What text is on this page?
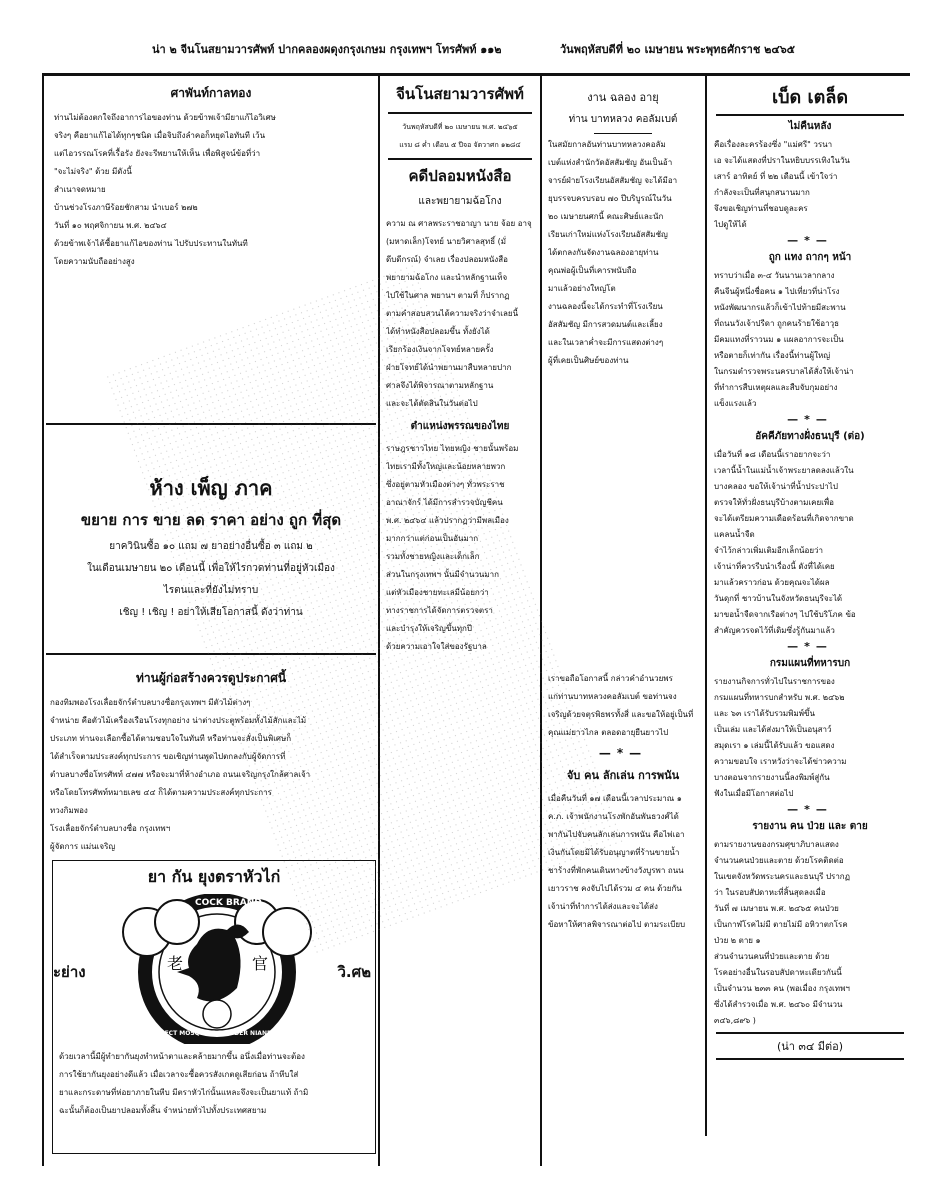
น่า ๒ จีนโนสยามวารศัพท์ ปากคลองผดุงกรุงเกษม กรุงเทพฯ โทรศัพท์ ๑๑๒	วันพฤหัสบดีที่ ๒๐ เมษายน พระพุทธศักราช ๒๔๖๕
ศาพันท์กาลทอง

ท่านไม่ต้องตกใจถึงอาการไอของท่าน ด้วยข้าพเจ้ามียาแก้ไอวิเศษ

จริงๆ คือยาแก้ไอได้ทุกๆชนิด เมื่อจิบถึงลำคอก็หยุดไอทันที เว้น

แต่ไอวรรณโรคที่เรื้อรัง ยังจะรีพยานให้เห็น เพื่อพิสูจน์ข้อที่ว่า

"จะไม่จริง" ด้วย มีดังนี้

สำเนาจดหมาย

บ้านช่วงโรงภาษีร้อยชักสาม นำเบอร์ ๒๗๒

วันที่ ๑๐ พฤศจิกายน พ.ศ. ๒๔๖๔

ด้วยข้าพเจ้าได้ซื้อยาแก้ไอของท่าน ไปรับประทานในทันที

โดยความนับถืออย่างสูง

ห้าง เพ็ญ ภาค
ขยาย การ ขาย ลด ราคา อย่าง ถูก ที่สุด

ยาควินินซื้อ ๑๐ แถม ๗ ยาอย่างอื่นซื้อ ๓ แถม ๒

ในเดือนเมษายน ๒๐ เดือนนี้ เพื่อให้ไรกวดท่านที่อยู่หัวเมือง

ไรตนและที่ยังไม่ทราบ

เชิญ ! เชิญ ! อย่าให้เสียโอกาสนี้ ดังว่าท่าน

ท่านผู้ก่อสร้างควรดูประกาศนี้

กองทิมพองโรงเลื่อยจักร์ตำบลบางซื่อกรุงเทพฯ มีตัวไม้ต่างๆ

จำหน่าย คือตัวไม้เครื่องเรือนโรงทุกอย่าง น่าต่างประตูพร้อมทั้งไม้สักและไม้

ประเภท ท่านจะเลือกซื้อได้ตามชอบใจในทันที หรือท่านจะสั่งเป็นพิเศษก็

ได้สำเร็จตามประสงค์ทุกประการ ขอเชิญท่านพูดไปตกลงกับผู้จัดการที่

ตำบลบางซื่อโทรศัพท์ ๔๗๗ หรือจะมาที่ห้างอำเภอ ถนนเจริญกรุงใกล้ศาลเจ้า

หรือโดยโทรศัพท์หมายเลข ๔๔ ก็ได้ตามความประสงค์ทุกประการ

ทวงกิมพอง

โรงเลื่อยจักร์ตำบลบางซื่อ กรุงเทพฯ

ผู้จัดการ แม่นเจริญ

ยา กัน ยุงตราหัวไก่
老	官
COCK BRAND
INSECT MOSQUITO POWDER NIANDEK
ะย่าง	วิ.ศ๒

ด้วยเวลานี้มีผู้ทำยากันยุงทำหน้าตาและคล้ายมากขึ้น อนึ่งเมื่อท่านจะต้อง

การใช้ยากันยุงอย่างดีแล้ว เมื่อเวลาจะซื้อควรสังเกตดูเสียก่อน ถ้าหีบใส่

ยาและกระดาษที่ห่อยาภายในหีบ มีตราหัวไก่นั้นแหละจึงจะเป็นยาแท้ ถ้ามิ

ฉะนั้นก็ต้องเป็นยาปลอมทั้งสิ้น จำหน่ายทั่วไปทั้งประเทศสยาม

จีนโนสยามวารศัพท์

วันพฤหัสบดีที่ ๒๐ เมษายน พ.ศ. ๒๔๖๕

แรม ๘ ค่ำ เดือน ๕ ปีจอ จัตวาศก ๑๒๘๔

คดีปลอมหนังสือ
และพยายามฉ้อโกง

ความ ณ ศาลพระราชอาญา นาย จ้อย อาจุ

(มหาดเล็ก)โจทย์ นายวิศาลสุทธิ์ (มั่

ดีบดีกรณ์) จำเลย เรื่องปลอมหนังสือ

พยายามฉ้อโกง และนำหลักฐานเท็จ

ไปใช้ในศาล พยานฯ ตามที่ ก็ปรากฏ

ตามคำสอบสวนได้ความจริงว่าจำเลยนี้

ได้ทำหนังสือปลอมขึ้น ทั้งยังได้

เรียกร้องเงินจากโจทย์หลายครั้ง

ฝ่ายโจทย์ได้นำพยานมาสืบหลายปาก

ศาลจึงได้พิจารณาตามหลักฐาน

และจะได้ตัดสินในวันต่อไป

ตำแหน่งพรรณของไทย

ราษฎรชาวไทย ไทยหญิง ชายนั้นพร้อม

ไทยเรามีทั้งใหญ่และน้อยหลายพวก

ซึ่งอยู่ตามหัวเมืองต่างๆ ทั่วพระราช

อาณาจักร์ ได้มีการสำรวจบัญชีคน

พ.ศ. ๒๔๖๔ แล้วปรากฏว่ามีพลเมือง

มากกว่าแต่ก่อนเป็นอันมาก

รวมทั้งชายหญิงและเด็กเล็ก

ส่วนในกรุงเทพฯ นั้นมีจำนวนมาก

แต่หัวเมืองชายทะเลมีน้อยกว่า

ทางราชการได้จัดการตรวจตรา

และบำรุงให้เจริญขึ้นทุกปี

ด้วยความเอาใจใส่ของรัฐบาล

งาน ฉลอง อายุ
ท่าน บาทหลวง คอลัมเบต์

ในสมัยกาลอันท่านบาทหลวงคอลัม

เบต์แห่งสำนักวัดอัสสัมชัญ อันเป็นอ้า

จารย์ฝ่ายโรงเรียนอัสสัมชัญ จะได้มีอา

ยุบรรจบครบรอบ ๗๐ ปีบริบูรณ์ในวัน

๒๐ เมษายนศกนี้ คณะศิษย์และนัก

เรียนเก่าใหม่แห่งโรงเรียนอัสสัมชัญ

ได้ตกลงกันจัดงานฉลองอายุท่าน

คุณพ่อผู้เป็นที่เคารพนับถือ

มาแล้วอย่างใหญ่โต

งานฉลองนี้จะได้กระทำที่โรงเรียน

อัสสัมชัญ มีการสวดมนต์และเลี้ยง

และในเวลาค่ำจะมีการแสดงต่างๆ

ผู้ที่เคยเป็นศิษย์ของท่าน

เราขอถือโอกาสนี้ กล่าวคำอำนวยพร

แก่ท่านบาทหลวงคอลัมเบต์ ขอท่านจง

เจริญด้วยจตุรพิธพรทั้งสี่ และขอให้อยู่เป็นที่

คุณแม่ยาวไกล ตลอดอายุยืนยาวไป

—*—
จับ คน ลักเล่น การพนัน

เมื่อคืนวันที่ ๑๗ เดือนนี้เวลาประมาณ ๑

ค.ภ. เจ้าพนักงานโรงพักอันพันธวงศ์ได้

พากันไปจับคนลักเล่นการพนัน คือไพ่เอา

เงินกันโดยมิได้รับอนุญาตที่ร้านขายน้ำ

ชาร้างที่พักคนเดินทางข้างวังบูรพา ถนน

เยาวราช คงจับไปได้รวม ๔ คน ด้วยกัน

เจ้าน่าที่ทำการได้ส่งและจะได้ส่ง

ข้อหาให้ศาลพิจารณาต่อไป ตามระเบียบ

เบ็ด เตล็ด
ไม่คืนหลัง

คือเรื่องละครร้องซึ่ง "แม่ศรี" วรนา

เอ จะได้แสดงที่ปราในหยิบบรรเทิงในวัน

เสาร์ อาทิตย์ ที่ ๒๒ เดือนนี้ เข้าใจว่า

กำลังจะเป็นที่สนุกสนานมาก

จึงขอเชิญท่านที่ชอบดูละคร

ไปดูให้ได้

—*—
ถูก แทง ถากๆ หน้า

ทราบว่าเมื่อ ๓-๔ วันนานเวลากลาง

คืนจีนผู้หนึ่งชื่อคน ๑ ไปเที่ยวที่น่าโรง

หนังพัฒนากรแล้วก็เข้าไปท้ายมีสะพาน

ที่ถนนวังเจ้าปรีดา ถูกคนร้ายใช้อาวุธ

มีคมแทงที่ราวนม ๑ แผลอาการจะเป็น

หรือตายก็เท่ากัน เรื่องนี้ท่านผู้ใหญ่

ในกรมตำรวจพระนครบาลได้สั่งให้เจ้าน่า

ที่ทำการสืบเหตุผลและสืบจับกุมอย่าง

แข็งแรงแล้ว

—*—
อัคคีภัยทางฝั่งธนบุรี (ต่อ)

เมื่อวันที่ ๑๘ เดือนนี้เราอยากจะว่า

เวลานี้น้ำในแม่น้ำเจ้าพระยาลดลงแล้วใน

บางคลอง ขอให้เจ้าน่าที่น้ำประปาไป

ตรวจให้ทั่วฝั่งธนบุรีบ้างตามเคยเพื่อ

จะได้เตรียมความเดือดร้อนที่เกิดจากขาด

แคลนน้ำจืด

จำไว้กล่าวเพิ่มเติมอีกเล็กน้อยว่า

เจ้าน่าที่ควรรีบนำเรื่องนี้ ดังที่ได้เคย

มาแล้วคราวก่อน ด้วยคุณจะได้ผล

วันดุกที่ ชาวบ้านในจังหวัดธนบุรีจะได้

มาขอน้ำจืดจากเรือต่างๆ ไปใช้บริโภค ข้อ

สำคัญควรจดไว้ที่เดิมซึ่งรู้กันมาแล้ว

—*—
กรมแผนที่ทหารบก

รายงานกิจการทั่วไปในราชการของ

กรมแผนที่ทหารบกสำหรับ พ.ศ. ๒๔๖๒

และ ๖๓ เราได้รับรวมพิมพ์ขึ้น

เป็นเล่ม และได้ส่งมาให้เป็นอนุสาว์

สมุดเรา ๑ เล่มนี้ได้รับแล้ว ขอแสดง

ความขอบใจ เราหวังว่าจะได้ข่าวความ

บางตอนจากรายงานนี้ลงพิมพ์สู่กัน

ฟังในเมื่อมีโอกาสต่อไป

—*—
รายงาน คน ป่วย และ ตาย

ตามรายงานของกรมศุขาภิบาลแสดง

จำนวนคนป่วยและตาย ด้วยโรคติดต่อ

ในเขตจังหวัดพระนครและธนบุรี ปรากฏ

ว่า ในรอบสัปดาหะที่สิ้นสุดลงเมื่อ

วันที่ ๗ เมษายน พ.ศ. ๒๔๖๕ คนป่วย

เป็นกาฬโรคไม่มี ตายไม่มี อหิวาตกโรค

ป่วย ๒ ตาย ๑

ส่วนจำนวนคนที่ป่วยและตาย ด้วย

โรคอย่างอื่นในรอบสัปดาหะเดียวกันนี้

เป็นจำนวน ๒๓๓ คน (พอเมื่อง กรุงเทพฯ

ซึ่งได้สำรวจเมื่อ พ.ศ. ๒๔๖๐ มีจำนวน

๓๔๖,๘๙๖ )

(น่า ๓๔ มีต่อ)
